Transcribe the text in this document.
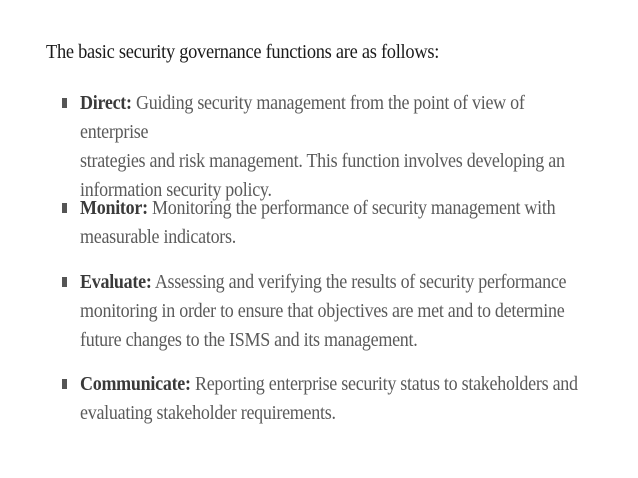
The basic security governance functions are as follows:
Direct: Guiding security management from the point of view of enterprise
strategies and risk management. This function involves developing an
information security policy.
Monitor: Monitoring the performance of security management with
measurable indicators.
Evaluate: Assessing and verifying the results of security performance
monitoring in order to ensure that objectives are met and to determine
future changes to the ISMS and its management.
Communicate: Reporting enterprise security status to stakeholders and
evaluating stakeholder requirements.
